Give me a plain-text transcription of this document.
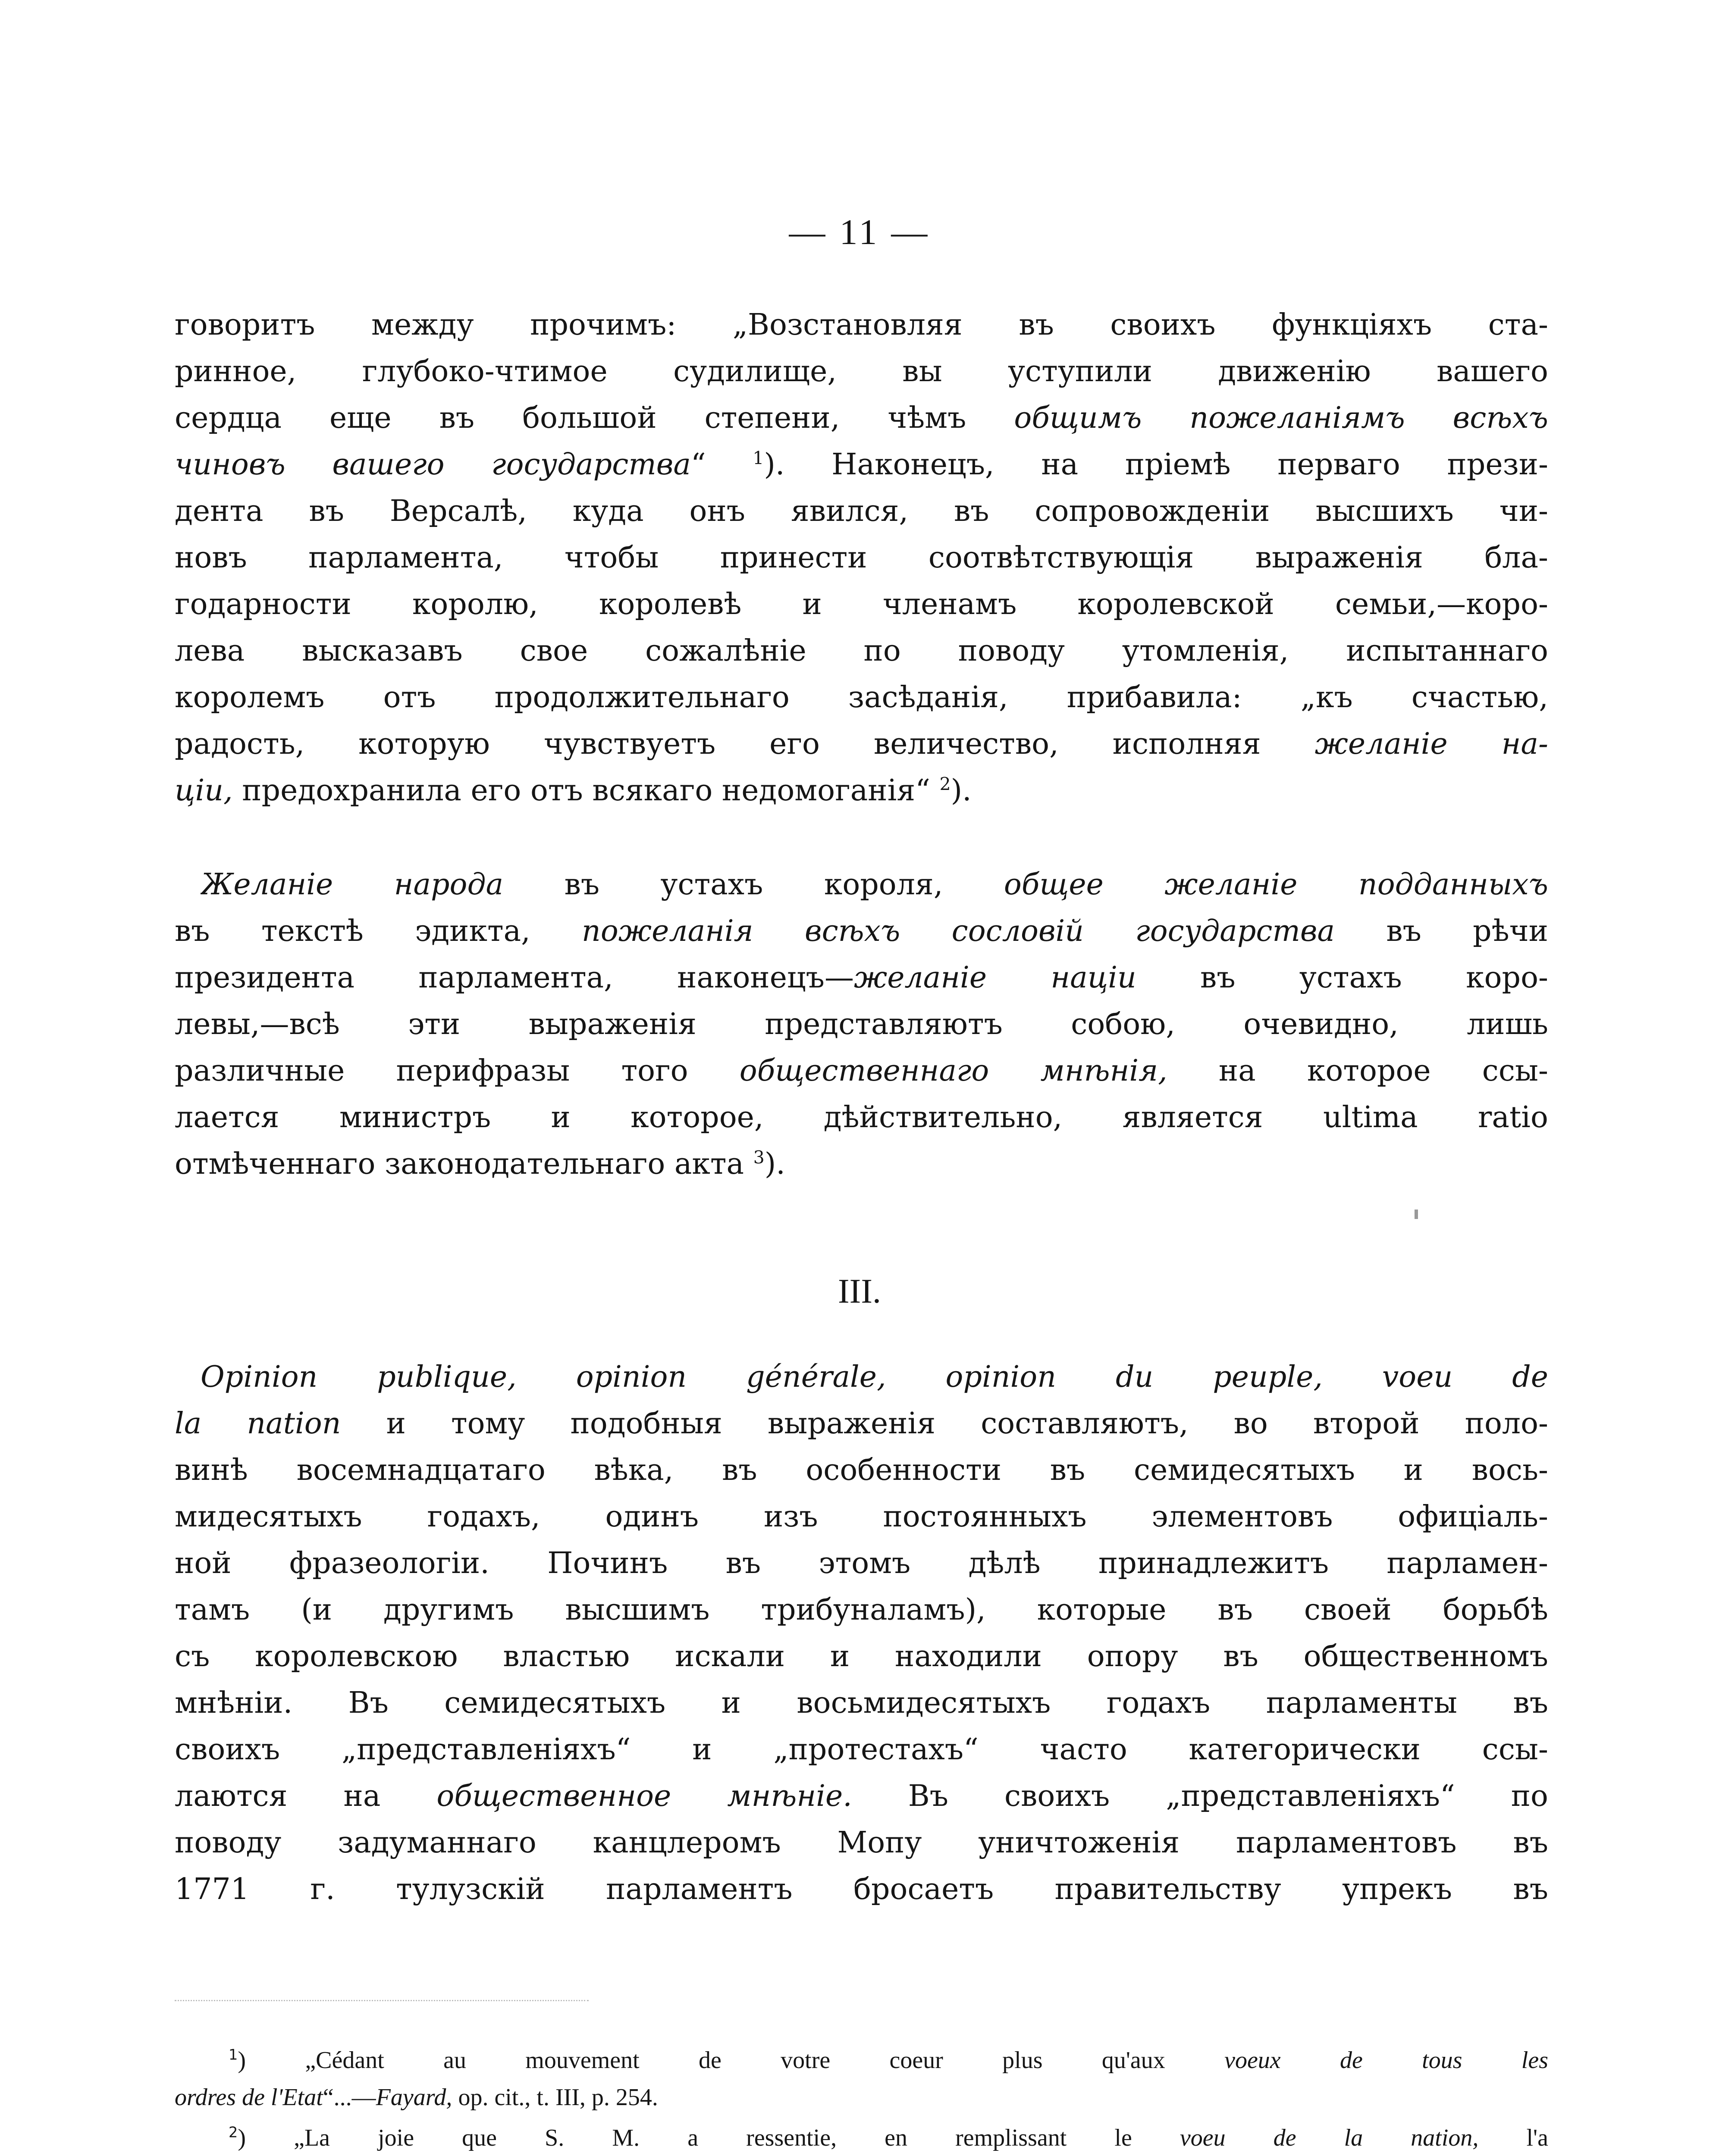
— 11 —
говоритъ между прочимъ: „Возстановляя въ своихъ функціяхъ ста-
ринное, глубоко-чтимое судилище, вы уступили движенію вашего
сердца еще въ большой степени, чѣмъ общимъ пожеланіямъ всѣхъ
чиновъ вашего государства“ $^1$). Наконецъ, на пріемѣ перваго прези-
дента въ Версалѣ, куда онъ явился, въ сопровожденіи высшихъ чи-
новъ парламента, чтобы принести соотвѣтствующія выраженія бла-
годарности королю, королевѣ и членамъ королевской семьи,—коро-
лева высказавъ свое сожалѣніе по поводу утомленія, испытаннаго
королемъ отъ продолжительнаго засѣданія, прибавила: „къ счастью,
радость, которую чувствуетъ его величество, исполняя желаніе на-
ціи, предохранила его отъ всякаго недомоганія“ $^2$).
Желаніе народа въ устахъ короля, общее желаніе подданныхъ
въ текстѣ эдикта, пожеланія всѣхъ сословій государства въ рѣчи
президента парламента, наконецъ—желаніе націи въ устахъ коро-
левы,—всѣ эти выраженія представляютъ собою, очевидно, лишь
различные перифразы того общественнаго мнѣнія, на которое ссы-
лается министръ и которое, дѣйствительно, является ultima ratio
отмѣченнаго законодательнаго акта $^3$).
III.
Opinion publique, opinion générale, opinion du peuple, voeu de
la nation и тому подобныя выраженія составляютъ, во второй поло-
винѣ восемнадцатаго вѣка, въ особенности въ семидесятыхъ и вось-
мидесятыхъ годахъ, одинъ изъ постоянныхъ элементовъ офиціаль-
ной фразеологіи. Починъ въ этомъ дѣлѣ принадлежитъ парламен-
тамъ (и другимъ высшимъ трибуналамъ), которые въ своей борьбѣ
съ королевскою властью искали и находили опору въ общественномъ
мнѣніи. Въ семидесятыхъ и восьмидесятыхъ годахъ парламенты въ
своихъ „представленіяхъ“ и „протестахъ“ часто категорически ссы-
лаются на общественное мнѣніе. Въ своихъ „представленіяхъ“ по
поводу задуманнаго канцлеромъ Мопу уничтоженія парламентовъ въ
1771 г. тулузскій парламентъ бросаетъ правительству упрекъ въ
$^1$) „Cédant au mouvement de votre coeur plus qu'aux voeux de tous les
ordres de l'Etat“...—Fayard, op. cit., t. III, p. 254.
$^2$) „La joie que S. M. a ressentie, en remplissant le voeu de la nation, l'a
